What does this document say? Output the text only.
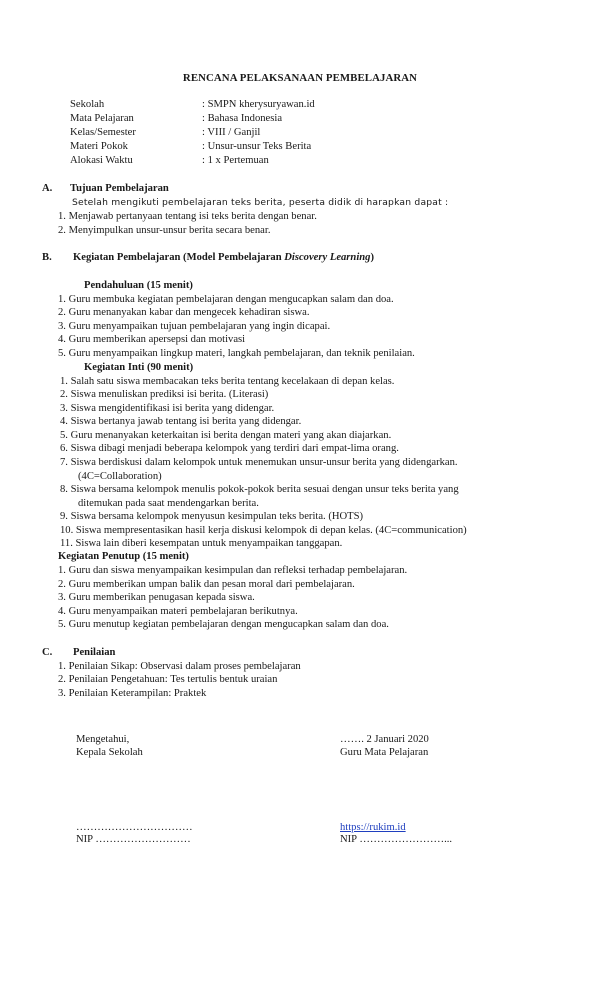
RENCANA PELAKSANAAN PEMBELAJARAN
Sekolah	: SMPN kherysuryawan.id
Mata Pelajaran	: Bahasa Indonesia
Kelas/Semester	: VIII / Ganjil
Materi Pokok	: Unsur-unsur Teks Berita
Alokasi Waktu	: 1 x Pertemuan
A. Tujuan Pembelajaran
Setelah mengikuti pembelajaran teks berita, peserta didik di harapkan dapat :
1. Menjawab pertanyaan tentang isi teks berita dengan benar.
2. Menyimpulkan unsur-unsur berita secara benar.
B. Kegiatan Pembelajaran (Model Pembelajaran Discovery Learning)
Pendahuluan (15 menit)
1. Guru membuka kegiatan pembelajaran dengan mengucapkan salam dan doa.
2. Guru menanyakan kabar dan mengecek kehadiran siswa.
3. Guru menyampaikan tujuan pembelajaran yang ingin dicapai.
4. Guru memberikan apersepsi dan motivasi
5. Guru menyampaikan lingkup materi, langkah pembelajaran, dan teknik penilaian.
Kegiatan Inti (90 menit)
1. Salah satu siswa membacakan teks berita tentang kecelakaan di depan kelas.
2. Siswa menuliskan prediksi isi berita. (Literasi)
3. Siswa mengidentifikasi isi berita yang didengar.
4. Siswa bertanya jawab tentang isi berita yang didengar.
5. Guru menanyakan keterkaitan isi berita dengan materi yang akan diajarkan.
6. Siswa dibagi menjadi beberapa kelompok yang terdiri dari empat-lima orang.
7. Siswa berdiskusi dalam kelompok untuk menemukan unsur-unsur berita yang didengarkan.
(4C=Collaboration)
8. Siswa bersama kelompok menulis pokok-pokok berita sesuai dengan unsur teks berita yang
ditemukan pada saat mendengarkan berita.
9. Siswa bersama kelompok menyusun kesimpulan teks berita. (HOTS)
10. Siswa mempresentasikan hasil kerja diskusi kelompok di depan kelas. (4C=communication)
11. Siswa lain diberi kesempatan untuk menyampaikan tanggapan.
Kegiatan Penutup (15 menit)
1. Guru dan siswa menyampaikan kesimpulan dan refleksi terhadap pembelajaran.
2. Guru memberikan umpan balik dan pesan moral dari pembelajaran.
3. Guru memberikan penugasan kepada siswa.
4. Guru menyampaikan materi pembelajaran berikutnya.
5. Guru menutup kegiatan pembelajaran dengan mengucapkan salam dan doa.
C. Penilaian
1. Penilaian Sikap: Observasi dalam proses pembelajaran
2. Penilaian Pengetahuan: Tes tertulis bentuk uraian
3. Penilaian Keterampilan: Praktek
Mengetahui,
Kepala Sekolah
……. 2 Januari 2020
Guru Mata Pelajaran
……………………………
NIP ………………………
https://rukim.id
NIP ……………………...
